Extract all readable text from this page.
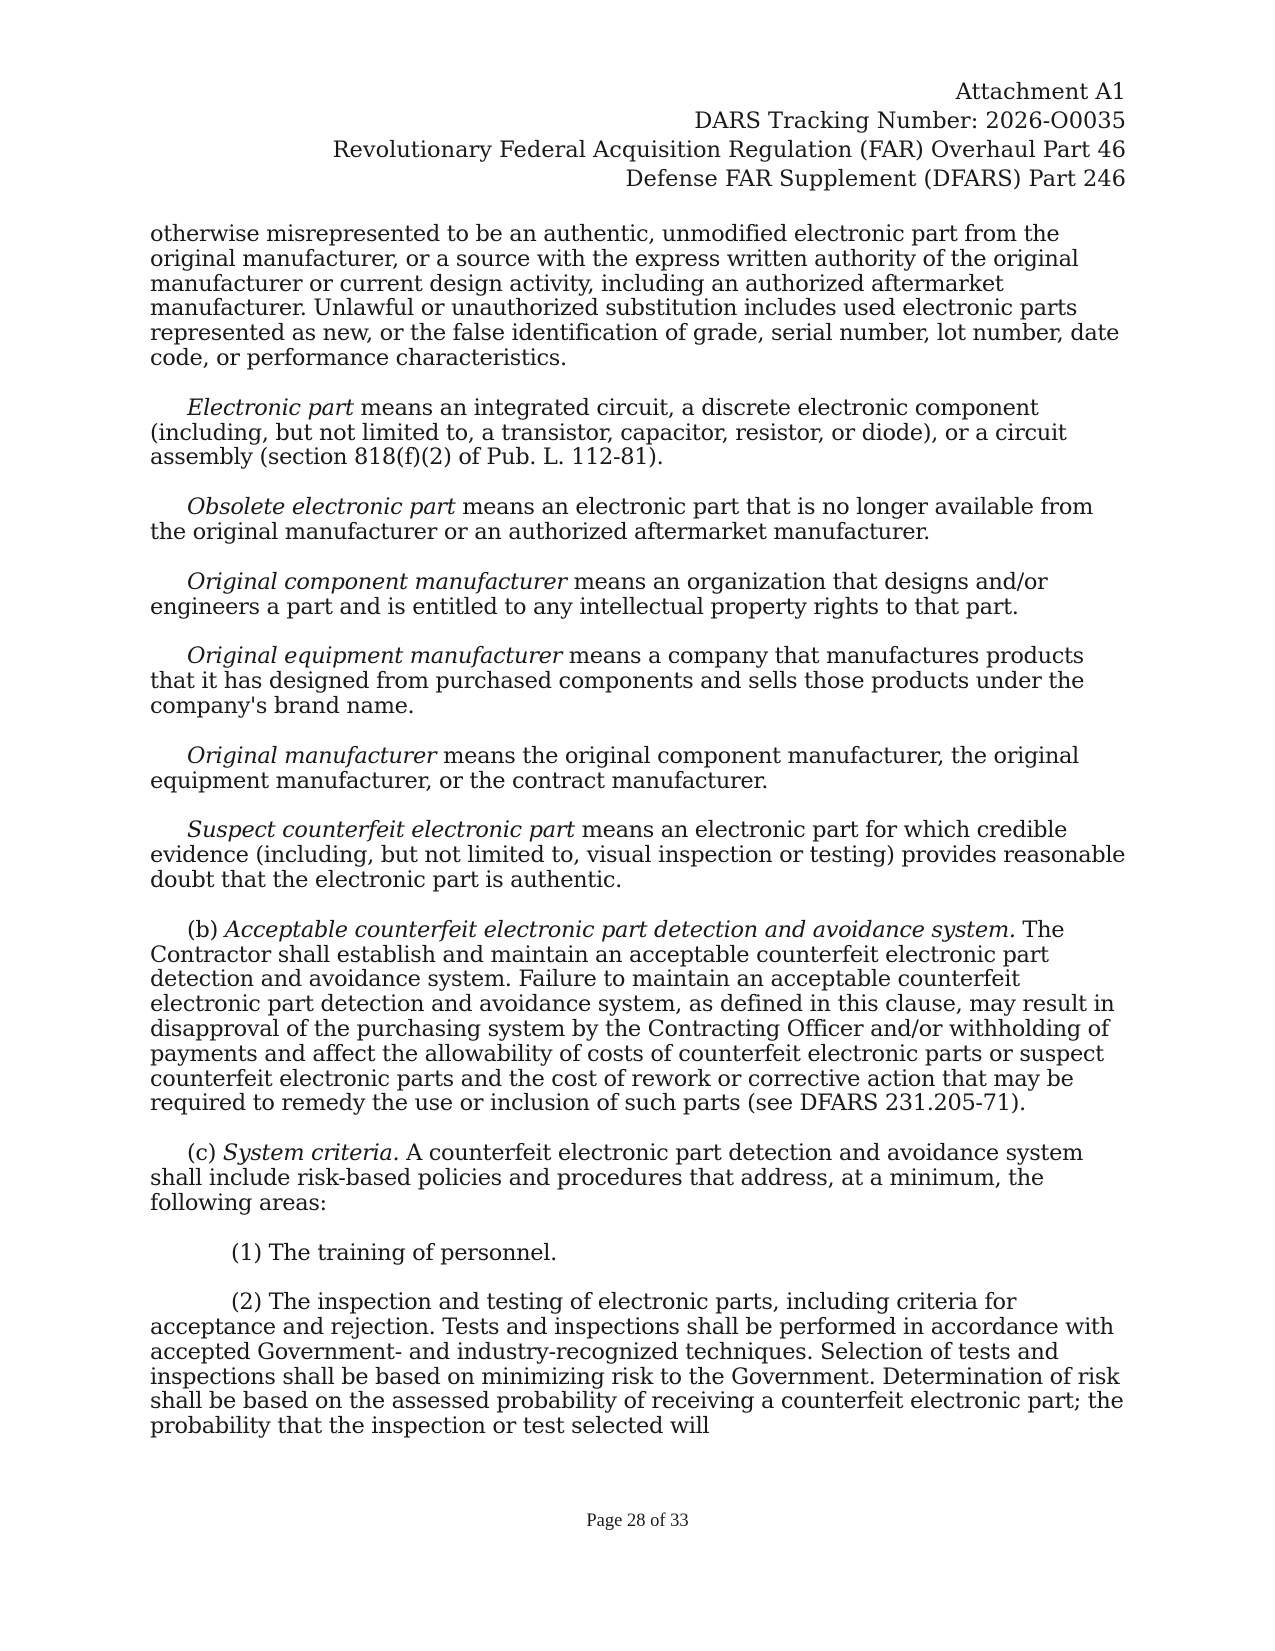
Attachment A1
DARS Tracking Number: 2026-O0035
Revolutionary Federal Acquisition Regulation (FAR) Overhaul Part 46
Defense FAR Supplement (DFARS) Part 246

otherwise misrepresented to be an authentic, unmodified electronic part from the original manufacturer, or a source with the express written authority of the original manufacturer or current design activity, including an authorized aftermarket manufacturer. Unlawful or unauthorized substitution includes used electronic parts represented as new, or the false identification of grade, serial number, lot number, date code, or performance characteristics.

Electronic part means an integrated circuit, a discrete electronic component (including, but not limited to, a transistor, capacitor, resistor, or diode), or a circuit assembly (section 818(f)(2) of Pub. L. 112-81).

Obsolete electronic part means an electronic part that is no longer available from the original manufacturer or an authorized aftermarket manufacturer.

Original component manufacturer means an organization that designs and/or engineers a part and is entitled to any intellectual property rights to that part.

Original equipment manufacturer means a company that manufactures products that it has designed from purchased components and sells those products under the company's brand name.

Original manufacturer means the original component manufacturer, the original equipment manufacturer, or the contract manufacturer.

Suspect counterfeit electronic part means an electronic part for which credible evidence (including, but not limited to, visual inspection or testing) provides reasonable doubt that the electronic part is authentic.

(b) Acceptable counterfeit electronic part detection and avoidance system. The Contractor shall establish and maintain an acceptable counterfeit electronic part detection and avoidance system. Failure to maintain an acceptable counterfeit electronic part detection and avoidance system, as defined in this clause, may result in disapproval of the purchasing system by the Contracting Officer and/or withholding of payments and affect the allowability of costs of counterfeit electronic parts or suspect counterfeit electronic parts and the cost of rework or corrective action that may be required to remedy the use or inclusion of such parts (see DFARS 231.205-71).

(c) System criteria. A counterfeit electronic part detection and avoidance system shall include risk-based policies and procedures that address, at a minimum, the following areas:

(1) The training of personnel.

(2) The inspection and testing of electronic parts, including criteria for acceptance and rejection. Tests and inspections shall be performed in accordance with accepted Government- and industry-recognized techniques. Selection of tests and inspections shall be based on minimizing risk to the Government. Determination of risk shall be based on the assessed probability of receiving a counterfeit electronic part; the probability that the inspection or test selected will

Page 28 of 33
